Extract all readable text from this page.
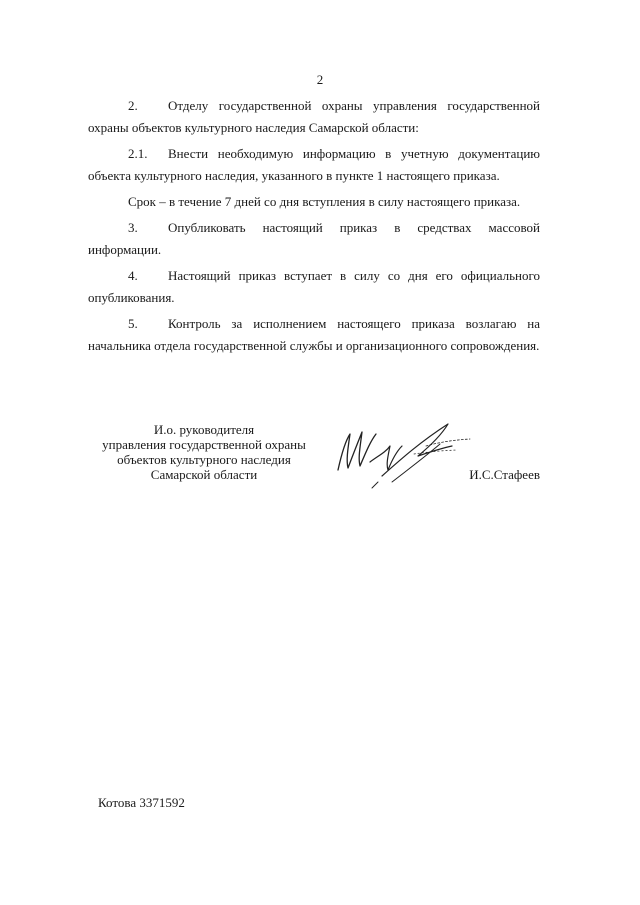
2

2. Отделу государственной охраны управления государственной охраны объектов культурного наследия Самарской области:

2.1. Внести необходимую информацию в учетную документацию объекта культурного наследия, указанного в пункте 1 настоящего приказа.

Срок – в течение 7 дней со дня вступления в силу настоящего приказа.

3. Опубликовать настоящий приказ в средствах массовой информации.

4. Настоящий приказ вступает в силу со дня его официального опубликования.

5. Контроль за исполнением настоящего приказа возлагаю на начальника отдела государственной службы и организационного сопровождения.

И.о. руководителя
управления государственной охраны
объектов культурного наследия
Самарской области	И.С.Стафеев
Котова 3371592
